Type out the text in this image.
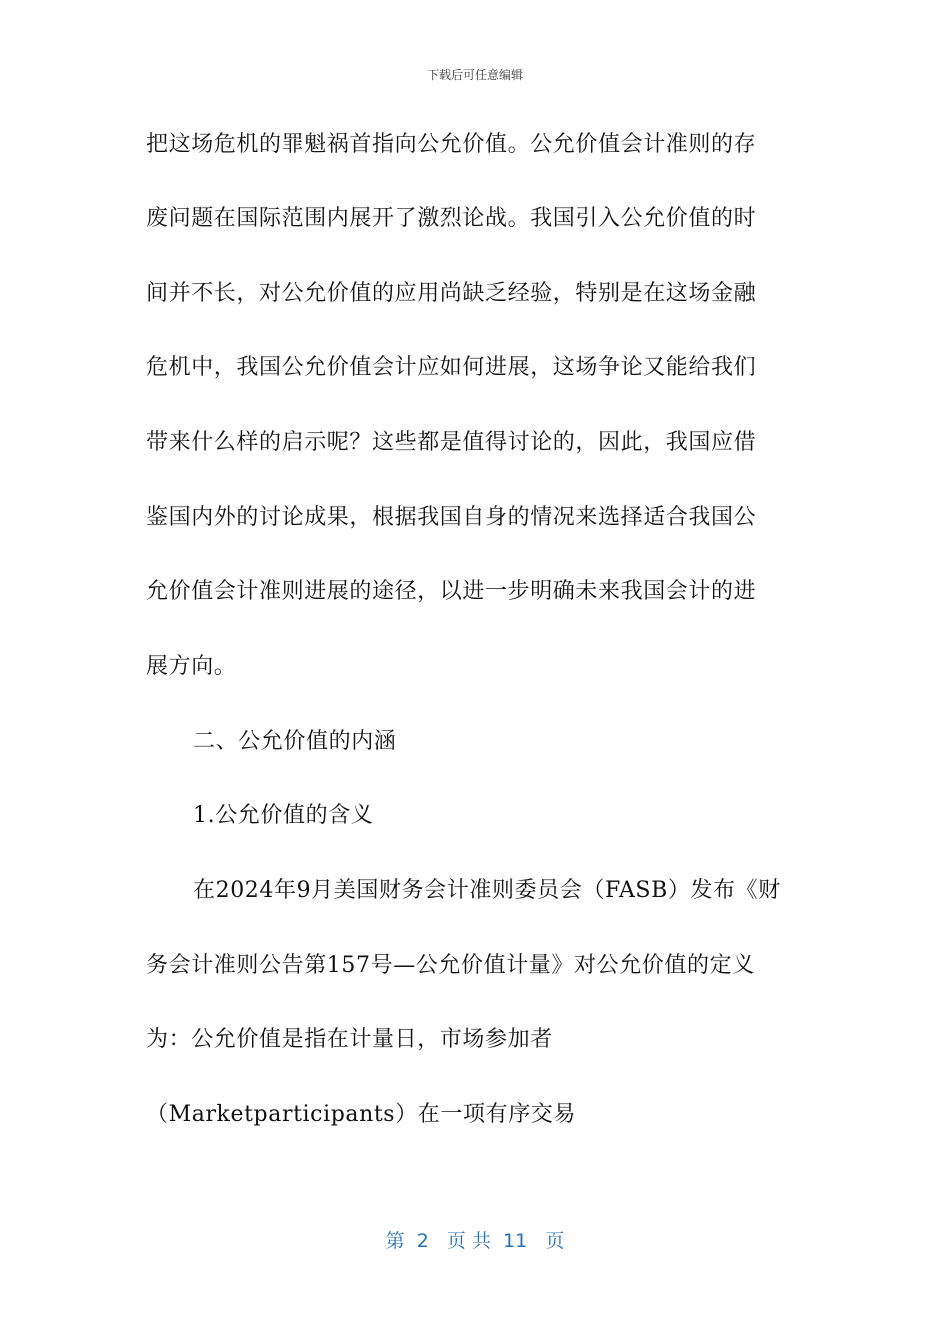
下载后可任意编辑
把这场危机的罪魁祸首指向公允价值。公允价值会计准则的存
废问题在国际范围内展开了激烈论战。我国引入公允价值的时
间并不长，对公允价值的应用尚缺乏经验，特别是在这场金融
危机中，我国公允价值会计应如何进展，这场争论又能给我们
带来什么样的启示呢？这些都是值得讨论的，因此，我国应借
鉴国内外的讨论成果，根据我国自身的情况来选择适合我国公
允价值会计准则进展的途径，以进一步明确未来我国会计的进
展方向。
二、公允价值的内涵
1.公允价值的含义
在2024年9月美国财务会计准则委员会（FASB）发布《财
务会计准则公告第157号—公允价值计量》对公允价值的定义
为：公允价值是指在计量日，市场参加者
（Marketparticipants）在一项有序交易
第  2   页 共  11   页
